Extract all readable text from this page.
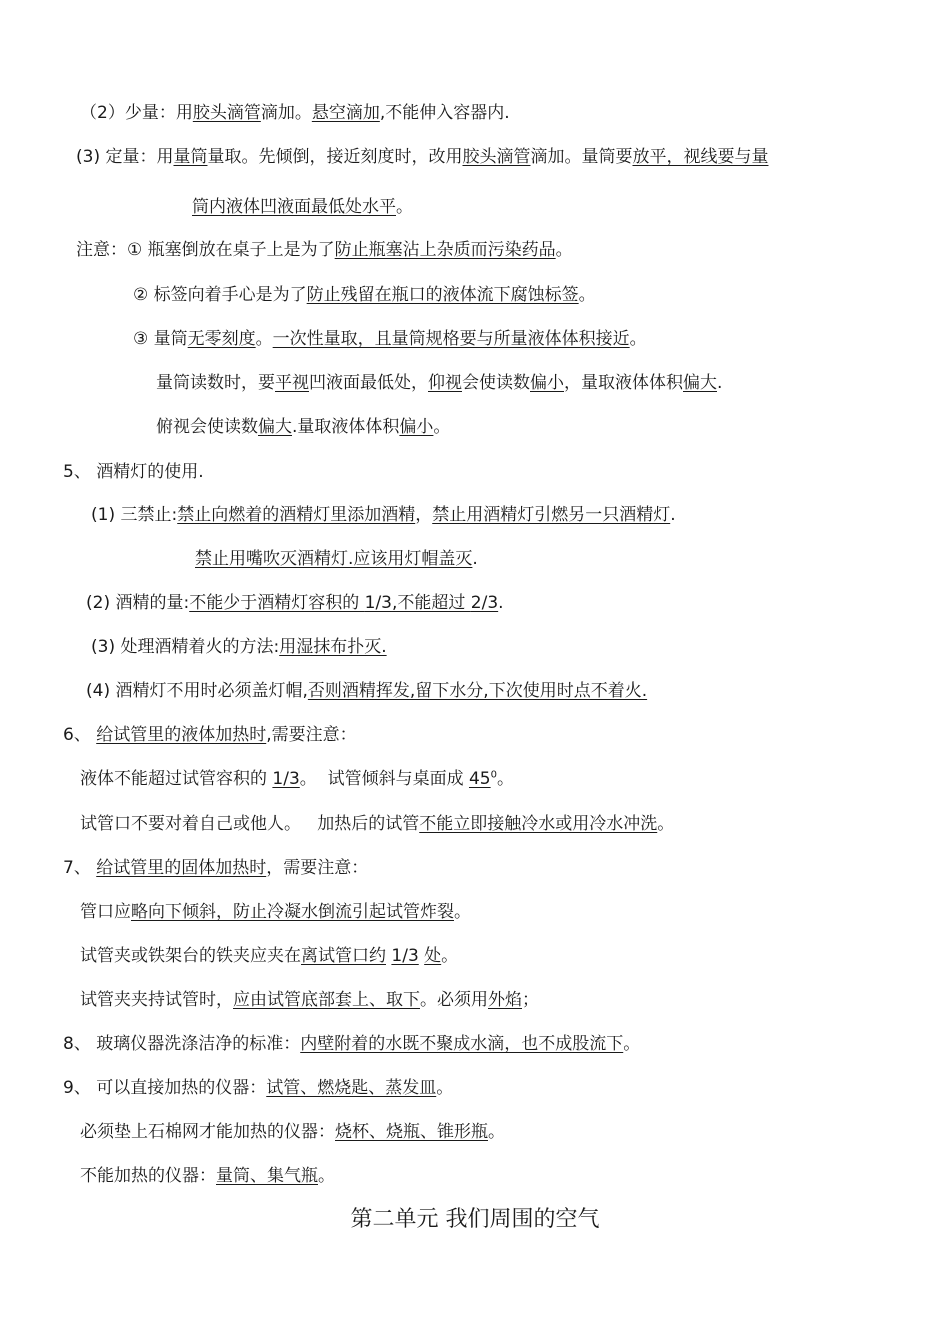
（2）少量：用胶头滴管滴加。悬空滴加,不能伸入容器内.
(3) 定量：用量筒量取。先倾倒，接近刻度时，改用胶头滴管滴加。量筒要放平，视线要与量
筒内液体凹液面最低处水平。
注意：① 瓶塞倒放在桌子上是为了防止瓶塞沾上杂质而污染药品。
② 标签向着手心是为了防止残留在瓶口的液体流下腐蚀标签。
③ 量筒无零刻度。一次性量取，且量筒规格要与所量液体体积接近。
量筒读数时，要平视凹液面最低处，仰视会使读数偏小，量取液体体积偏大.
俯视会使读数偏大.量取液体体积偏小。
5、 酒精灯的使用.
(1) 三禁止:禁止向燃着的酒精灯里添加酒精，禁止用酒精灯引燃另一只酒精灯.
禁止用嘴吹灭酒精灯.应该用灯帽盖灭.
(2) 酒精的量:不能少于酒精灯容积的 1/3,不能超过 2/3.
(3) 处理酒精着火的方法:用湿抹布扑灭.
(4) 酒精灯不用时必须盖灯帽,否则酒精挥发,留下水分,下次使用时点不着火.
6、 给试管里的液体加热时,需要注意：
液体不能超过试管容积的 1/3。  试管倾斜与桌面成 $45^0$。
试管口不要对着自己或他人。   加热后的试管不能立即接触冷水或用冷水冲洗。
7、 给试管里的固体加热时，需要注意：
管口应略向下倾斜，防止冷凝水倒流引起试管炸裂。
试管夹或铁架台的铁夹应夹在离试管口约 1/3 处。
试管夹夹持试管时，应由试管底部套上、取下。必须用外焰；
8、 玻璃仪器洗涤洁净的标准：内壁附着的水既不聚成水滴，也不成股流下。
9、 可以直接加热的仪器：试管、燃烧匙、蒸发皿。
必须垫上石棉网才能加热的仪器：烧杯、烧瓶、锥形瓶。
不能加热的仪器：量筒、集气瓶。
第二单元 我们周围的空气
